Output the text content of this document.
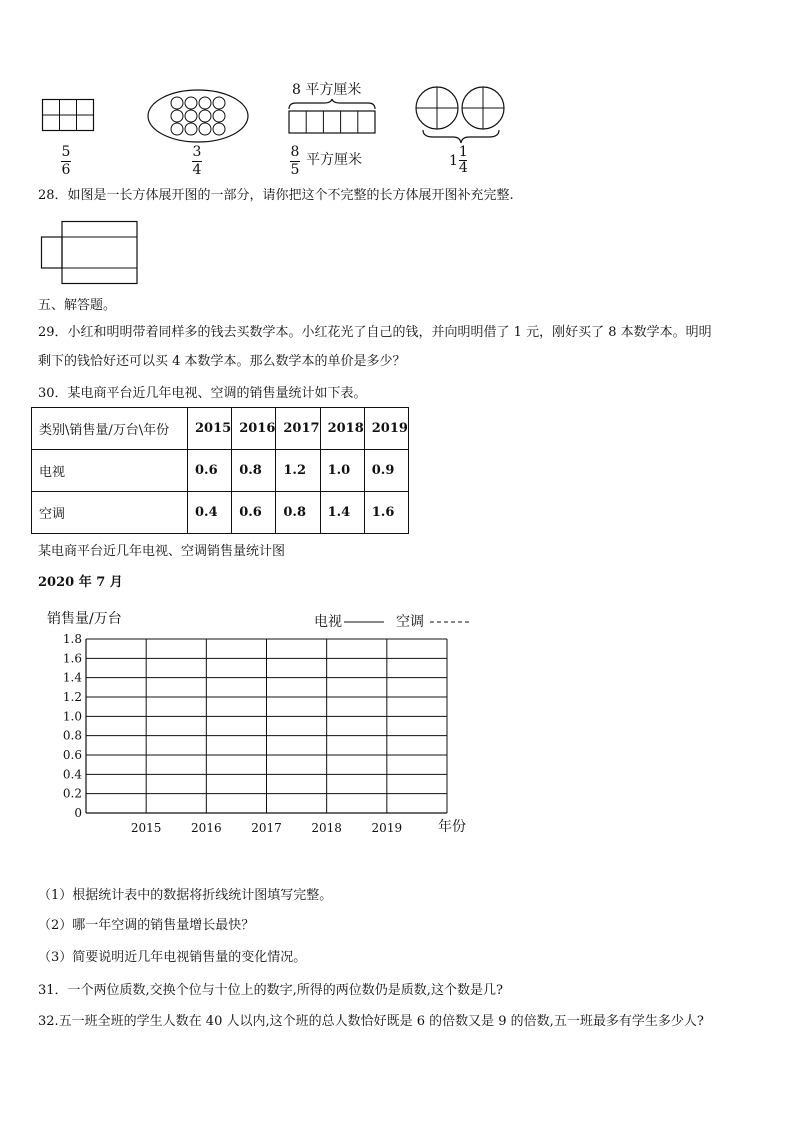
5
6
3
4
8 平方厘米
8
5
平方厘米	1
1
4
28．如图是一长方体展开图的一部分，请你把这个不完整的长方体展开图补充完整.
五、解答题。
29．小红和明明带着同样多的钱去买数学本。小红花光了自己的钱，并向明明借了 1 元，刚好买了 8 本数学本。明明
剩下的钱恰好还可以买 4 本数学本。那么数学本的单价是多少？
30．某电商平台近几年电视、空调的销售量统计如下表。
类别\销售量/万台\年份	2015	2016	2017	2018	2019
电视	0.6	0.8	1.2	1.0	0.9
空调	0.4	0.6	0.8	1.4	1.6
某电商平台近几年电视、空调销售量统计图
2020 年 7 月
销售量/万台	电视	空调
1.8
1.6
1.4
1.2
1.0
0.8
0.6
0.4
0.2
0
2015 2016 2017 2018 2019	年份
（1）根据统计表中的数据将折线统计图填写完整。
（2）哪一年空调的销售量增长最快？
（3）简要说明近几年电视销售量的变化情况。
31．一个两位质数,交换个位与十位上的数字,所得的两位数仍是质数,这个数是几?
32.五一班全班的学生人数在 40 人以内,这个班的总人数恰好既是 6 的倍数又是 9 的倍数,五一班最多有学生多少人?
